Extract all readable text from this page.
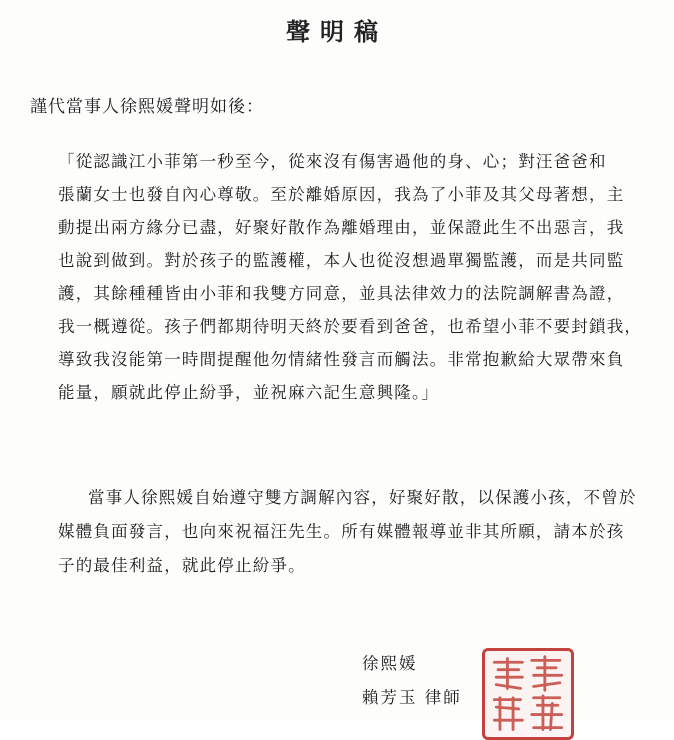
聲明稿
謹代當事人徐熙媛聲明如後：
「從認識江小菲第一秒至今，從來沒有傷害過他的身、心；對汪爸爸和
張蘭女士也發自內心尊敬。至於離婚原因，我為了小菲及其父母著想，主
動提出兩方緣分已盡，好聚好散作為離婚理由，並保證此生不出惡言，我
也說到做到。對於孩子的監護權，本人也從沒想過單獨監護，而是共同監
護，其餘種種皆由小菲和我雙方同意，並具法律效力的法院調解書為證，
我一概遵從。孩子們都期待明天終於要看到爸爸，也希望小菲不要封鎖我，
導致我沒能第一時間提醒他勿情緒性發言而觸法。非常抱歉給大眾帶來負
能量，願就此停止紛爭，並祝麻六記生意興隆。」
當事人徐熙媛自始遵守雙方調解內容，好聚好散，以保護小孩，不曾於
媒體負面發言，也向來祝福汪先生。所有媒體報導並非其所願，請本於孩
子的最佳利益，就此停止紛爭。
徐熙媛
賴芳玉 律師
